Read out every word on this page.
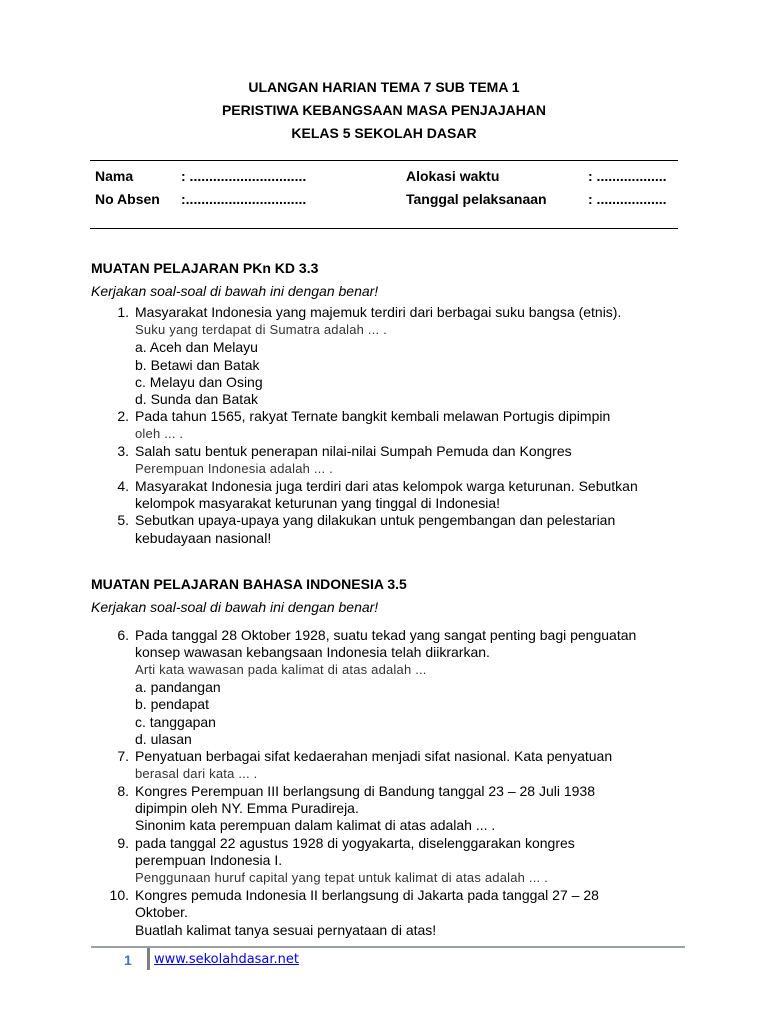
ULANGAN HARIAN TEMA 7 SUB TEMA 1
PERISTIWA KEBANGSAAN MASA PENJAJAHAN
KELAS 5 SEKOLAH DASAR
Nama	: ..............................	Alokasi waktu	: ..................
No Absen :...............................	Tanggal pelaksanaan	: ..................
MUATAN PELAJARAN PKn KD 3.3
Kerjakan soal-soal di bawah ini dengan benar!
1. Masyarakat Indonesia yang majemuk terdiri dari berbagai suku bangsa (etnis).
Suku yang terdapat di Sumatra adalah ... .
a. Aceh dan Melayu
b. Betawi dan Batak
c. Melayu dan Osing
d. Sunda dan Batak
2. Pada tahun 1565, rakyat Ternate bangkit kembali melawan Portugis dipimpin
oleh ... .
3. Salah satu bentuk penerapan nilai-nilai Sumpah Pemuda dan Kongres
Perempuan Indonesia adalah ... .
4. Masyarakat Indonesia juga terdiri dari atas kelompok warga keturunan. Sebutkan
kelompok masyarakat keturunan yang tinggal di Indonesia!
5. Sebutkan upaya-upaya yang dilakukan untuk pengembangan dan pelestarian
kebudayaan nasional!
MUATAN PELAJARAN BAHASA INDONESIA 3.5
Kerjakan soal-soal di bawah ini dengan benar!
6. Pada tanggal 28 Oktober 1928, suatu tekad yang sangat penting bagi penguatan
konsep wawasan kebangsaan Indonesia telah diikrarkan.
Arti kata wawasan pada kalimat di atas adalah ...
a. pandangan
b. pendapat
c. tanggapan
d. ulasan
7. Penyatuan berbagai sifat kedaerahan menjadi sifat nasional. Kata penyatuan
berasal dari kata ... .
8. Kongres Perempuan III berlangsung di Bandung tanggal 23 – 28 Juli 1938
dipimpin oleh NY. Emma Puradireja.
Sinonim kata perempuan dalam kalimat di atas adalah ... .
9. pada tanggal 22 agustus 1928 di yogyakarta, diselenggarakan kongres
perempuan Indonesia I.
Penggunaan huruf capital yang tepat untuk kalimat di atas adalah ... .
10. Kongres pemuda Indonesia II berlangsung di Jakarta pada tanggal 27 – 28
Oktober.
Buatlah kalimat tanya sesuai pernyataan di atas!
1 www.sekolahdasar.net
